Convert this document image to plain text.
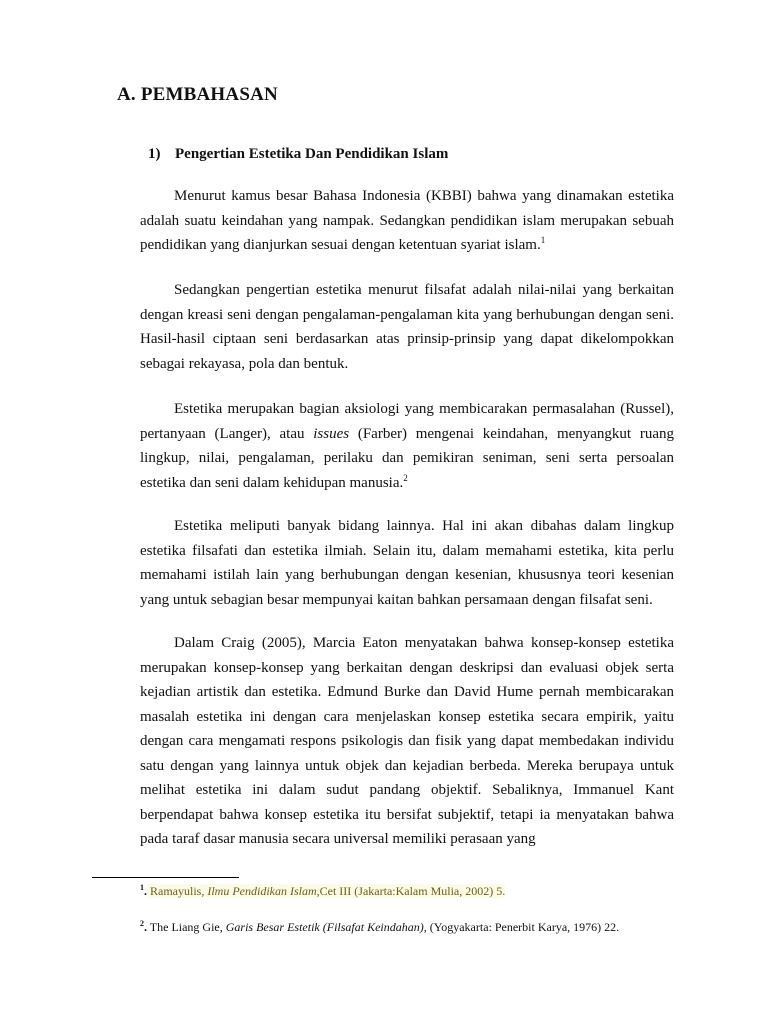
A. PEMBAHASAN
1) Pengertian Estetika Dan Pendidikan Islam

Menurut kamus besar Bahasa Indonesia (KBBI) bahwa yang dinamakan estetika adalah suatu keindahan yang nampak. Sedangkan pendidikan islam merupakan sebuah pendidikan yang dianjurkan sesuai dengan ketentuan syariat islam.$^1$

Sedangkan pengertian estetika menurut filsafat adalah nilai-nilai yang berkaitan dengan kreasi seni dengan pengalaman-pengalaman kita yang berhubungan dengan seni. Hasil-hasil ciptaan seni berdasarkan atas prinsip-prinsip yang dapat dikelompokkan sebagai rekayasa, pola dan bentuk.

Estetika merupakan bagian aksiologi yang membicarakan permasalahan (Russel), pertanyaan (Langer), atau issues (Farber) mengenai keindahan, menyangkut ruang lingkup, nilai, pengalaman, perilaku dan pemikiran seniman, seni serta persoalan estetika dan seni dalam kehidupan manusia.$^2$

Estetika meliputi banyak bidang lainnya. Hal ini akan dibahas dalam lingkup estetika filsafati dan estetika ilmiah. Selain itu, dalam memahami estetika, kita perlu memahami istilah lain yang berhubungan dengan kesenian, khususnya teori kesenian yang untuk sebagian besar mempunyai kaitan bahkan persamaan dengan filsafat seni.

Dalam Craig (2005), Marcia Eaton menyatakan bahwa konsep-konsep estetika merupakan konsep-konsep yang berkaitan dengan deskripsi dan evaluasi objek serta kejadian artistik dan estetika. Edmund Burke dan David Hume pernah membicarakan masalah estetika ini dengan cara menjelaskan konsep estetika secara empirik, yaitu dengan cara mengamati respons psikologis dan fisik yang dapat membedakan individu satu dengan yang lainnya untuk objek dan kejadian berbeda. Mereka berupaya untuk melihat estetika ini dalam sudut pandang objektif. Sebaliknya, Immanuel Kant berpendapat bahwa konsep estetika itu bersifat subjektif, tetapi ia menyatakan bahwa pada taraf dasar manusia secara universal memiliki perasaan yang

$^1$. Ramayulis, Ilmu Pendidikan Islam,Cet III (Jakarta:Kalam Mulia, 2002) 5.

$^2$. The Liang Gie, Garis Besar Estetik (Filsafat Keindahan), (Yogyakarta: Penerbit Karya, 1976) 22.
